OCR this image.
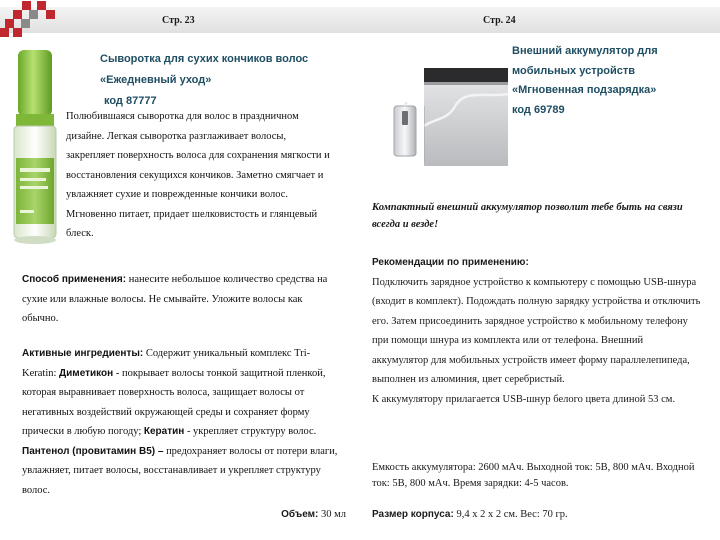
Стр. 23	Стр. 24
Сыворотка для сухих кончиков волос
«Ежедневный уход»
код 87777
Полюбившаяся сыворотка для волос в праздничном дизайне. Легкая сыворотка разглаживает волосы, закрепляет поверхность волоса для сохранения мягкости и восстановления секущихся кончиков. Заметно смягчает и увлажняет сухие и поврежденные кончики волос. Мгновенно питает, придает шелковистость и глянцевый блеск.
Способ применения: нанесите небольшое количество средства на сухие или влажные волосы. Не смывайте. Уложите волосы как обычно.
Активные ингредиенты: Содержит уникальный комплекс Tri-Keratin: Диметикон - покрывает волосы тонкой защитной пленкой, которая выравнивает поверхность волоса, защищает волосы от негативных воздействий окружающей среды и сохраняет форму прически в любую погоду; Кератин - укрепляет структуру волос. Пантенол (провитамин В5) – предохраняет волосы от потери влаги, увлажняет, питает волосы, восстанавливает и укрепляет структуру волос.
Объем: 30 мл
Внешний аккумулятор для
мобильных устройств
«Мгновенная подзарядка»
код 69789
Компактный внешний аккумулятор позволит тебе быть на связи всегда и везде!
Рекомендации по применению:
Подключить зарядное устройство к компьютеру с помощью USB-шнура (входит в комплект). Подождать полную зарядку устройства и отключить его. Затем присоединить зарядное устройство к мобильному телефону при помощи шнура из комплекта или от телефона. Внешний аккумулятор для мобильных устройств имеет форму параллелепипеда, выполнен из алюминия, цвет серебристый.
К аккумулятору прилагается USB-шнур белого цвета длиной 53 см.
Емкость аккумулятора: 2600 мАч. Выходной ток: 5В, 800 мАч. Входной ток: 5В, 800 мАч. Время зарядки: 4-5 часов.
Размер корпуса: 9,4 х 2 х 2 см. Вес: 70 гр.
